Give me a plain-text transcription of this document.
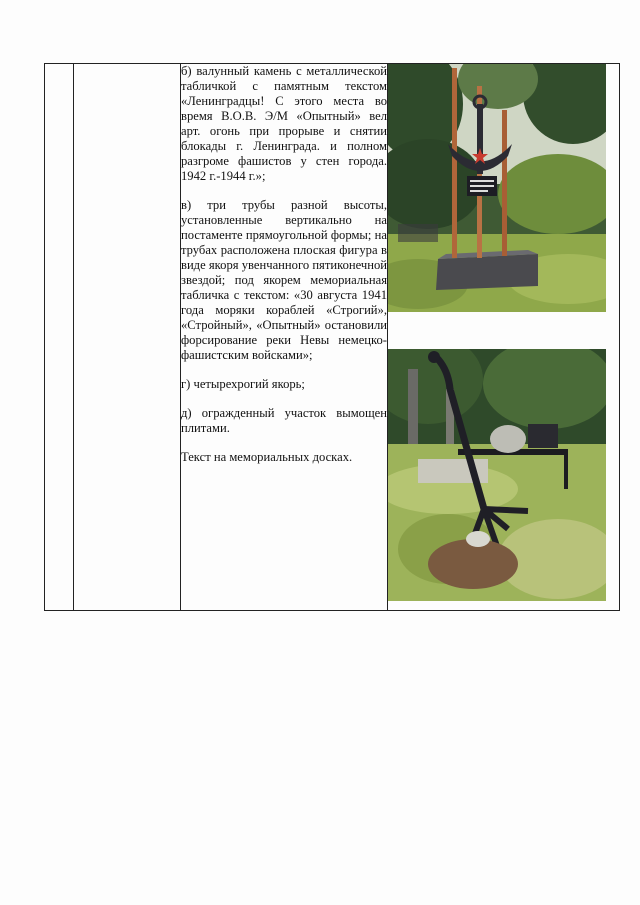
б) валунный камень с металлической табличкой с памятным текстом «Ленинградцы! С этого места во время В.О.В. Э/М «Опытный» вел арт. огонь при прорыве и снятии блокады г. Ленинграда. и полном разгроме фашистов у стен города. 1942 г.-1944 г.»;

в) три трубы разной высоты, установленные вертикально на постаменте прямоугольной формы; на трубах расположена плоская фигура в виде якоря увенчанного пятиконечной звездой; под якорем мемориальная табличка с текстом: «30 августа 1941 года моряки кораблей «Строгий», «Стройный», «Опытный» остановили форсирование реки Невы немецко-фашистским войсками»;

г) четырехрогий якорь;

д) огражденный участок вымощен плитами.

Текст на мемориальных досках.
